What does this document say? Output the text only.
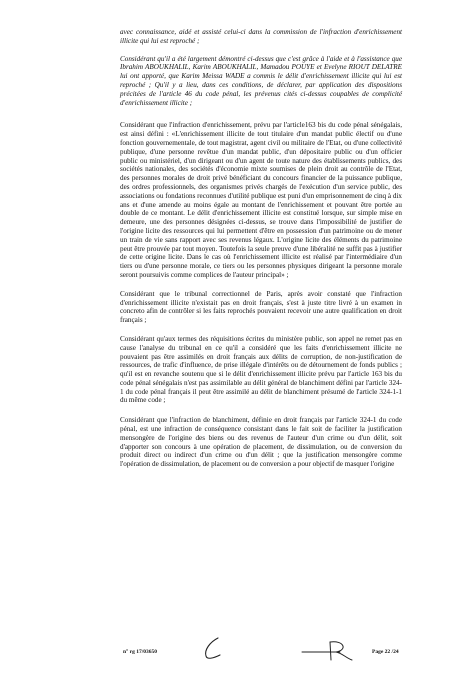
avec connaissance, aidé et assisté celui-ci dans la commission de l'infraction d'enrichissement illicite qui lui est reproché ;

Considérant qu'il a été largement démontré ci-dessus que c'est grâce à l'aide et à l'assistance que Ibrahim ABOUKHALIL, Karim ABOUKHALIL, Mamadou POUYE et Evelyne RIOUT DELATRE lui ont apporté, que Karim Meissa WADE a commis le délit d'enrichissement illicite qui lui est reproché ; Qu'il y a lieu, dans ces conditions, de déclarer, par application des dispositions précitées de l'article 46 du code pénal, les prévenus cités ci-dessus coupables de complicité d'enrichissement illicite ;

Considérant que l'infraction d'enrichissement, prévu par l'article163 bis du code pénal sénégalais, est ainsi défini : «L'enrichissement illicite de tout titulaire d'un mandat public électif ou d'une fonction gouvernementale, de tout magistrat, agent civil ou militaire de l'Etat, ou d'une collectivité publique, d'une personne revêtue d'un mandat public, d'un dépositaire public ou d'un officier public ou ministériel, d'un dirigeant ou d'un agent de toute nature des établissements publics, des sociétés nationales, des sociétés d'économie mixte soumises de plein droit au contrôle de l'Etat, des personnes morales de droit privé bénéficiant du concours financier de la puissance publique, des ordres professionnels, des organismes privés chargés de l'exécution d'un service public, des associations ou fondations reconnues d'utilité publique est puni d'un emprisonnement de cinq à dix ans et d'une amende au moins égale au montant de l'enrichissement et pouvant être portée au double de ce montant. Le délit d'enrichissement illicite est constitué lorsque, sur simple mise en demeure, une des personnes désignées ci-dessus, se trouve dans l'impossibilité de justifier de l'origine licite des ressources qui lui permettent d'être en possession d'un patrimoine ou de mener un train de vie sans rapport avec ses revenus légaux. L'origine licite des éléments du patrimoine peut être prouvée par tout moyen. Toutefois la seule preuve d'une libéralité ne suffit pas à justifier de cette origine licite. Dans le cas où l'enrichissement illicite est réalisé par l'intermédiaire d'un tiers ou d'une personne morale, ce tiers ou les personnes physiques dirigeant la personne morale seront poursuivis comme complices de l'auteur principal» ;

Considérant que le tribunal correctionnel de Paris, après avoir constaté que l'infraction d'enrichissement illicite n'existait pas en droit français, s'est à juste titre livré à un examen in concreto afin de contrôler si les faits reprochés pouvaient recevoir une autre qualification en droit français ;

Considérant qu'aux termes des réquisitions écrites du ministère public, son appel ne remet pas en cause l'analyse du tribunal en ce qu'il a considéré que les faits d'enrichissement illicite ne pouvaient pas être assimilés en droit français aux délits de corruption, de non-justification de ressources, de trafic d'influence, de prise illégale d'intérêts ou de détournement de fonds publics ; qu'il est en revanche soutenu que si le délit d'enrichissement illicite prévu par l'article 163 bis du code pénal sénégalais n'est pas assimilable au délit général de blanchiment défini par l'article 324-1 du code pénal français il peut être assimilé au délit de blanchiment présumé de l'article 324-1-1 du même code ;

Considérant que l'infraction de blanchiment, définie en droit français par l'article 324-1 du code pénal, est une infraction de conséquence consistant dans le fait soit de faciliter la justification mensongère de l'origine des biens ou des revenus de l'auteur d'un crime ou d'un délit, soit d'apporter son concours à une opération de placement, de dissimulation, ou de conversion du produit direct ou indirect d'un crime ou d'un délit ; que la justification mensongère comme l'opération de dissimulation, de placement ou de conversion a pour objectif de masquer l'origine

n° rg 17/03650	Page 22 /24
